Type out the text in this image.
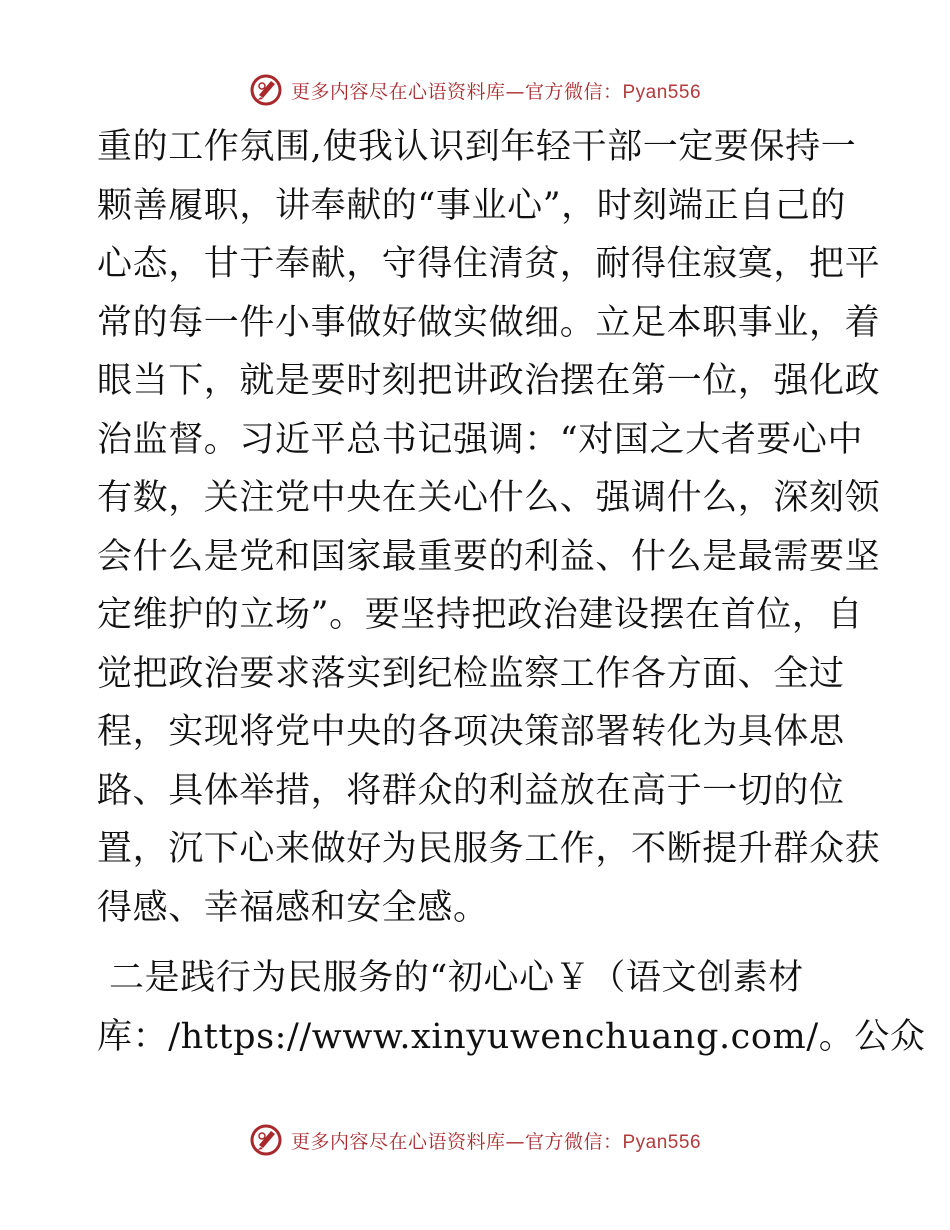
更多内容尽在心语资料库—官方微信：Pyan556
重的工作氛围,使我认识到年轻干部一定要保持一
颗善履职，讲奉献的“事业心”，时刻端正自己的
心态，甘于奉献，守得住清贫，耐得住寂寞，把平
常的每一件小事做好做实做细。立足本职事业，着
眼当下，就是要时刻把讲政治摆在第一位，强化政
治监督。习近平总书记强调：“对国之大者要心中
有数，关注党中央在关心什么、强调什么，深刻领
会什么是党和国家最重要的利益、什么是最需要坚
定维护的立场”。要坚持把政治建设摆在首位，自
觉把政治要求落实到纪检监察工作各方面、全过
程，实现将党中央的各项决策部署转化为具体思
路、具体举措，将群众的利益放在高于一切的位
置，沉下心来做好为民服务工作，不断提升群众获
得感、幸福感和安全感。
二是践行为民服务的“初心心￥（语文创素材
库：/https://www.xinyuwenchuang.com/。公众
更多内容尽在心语资料库—官方微信：Pyan556
